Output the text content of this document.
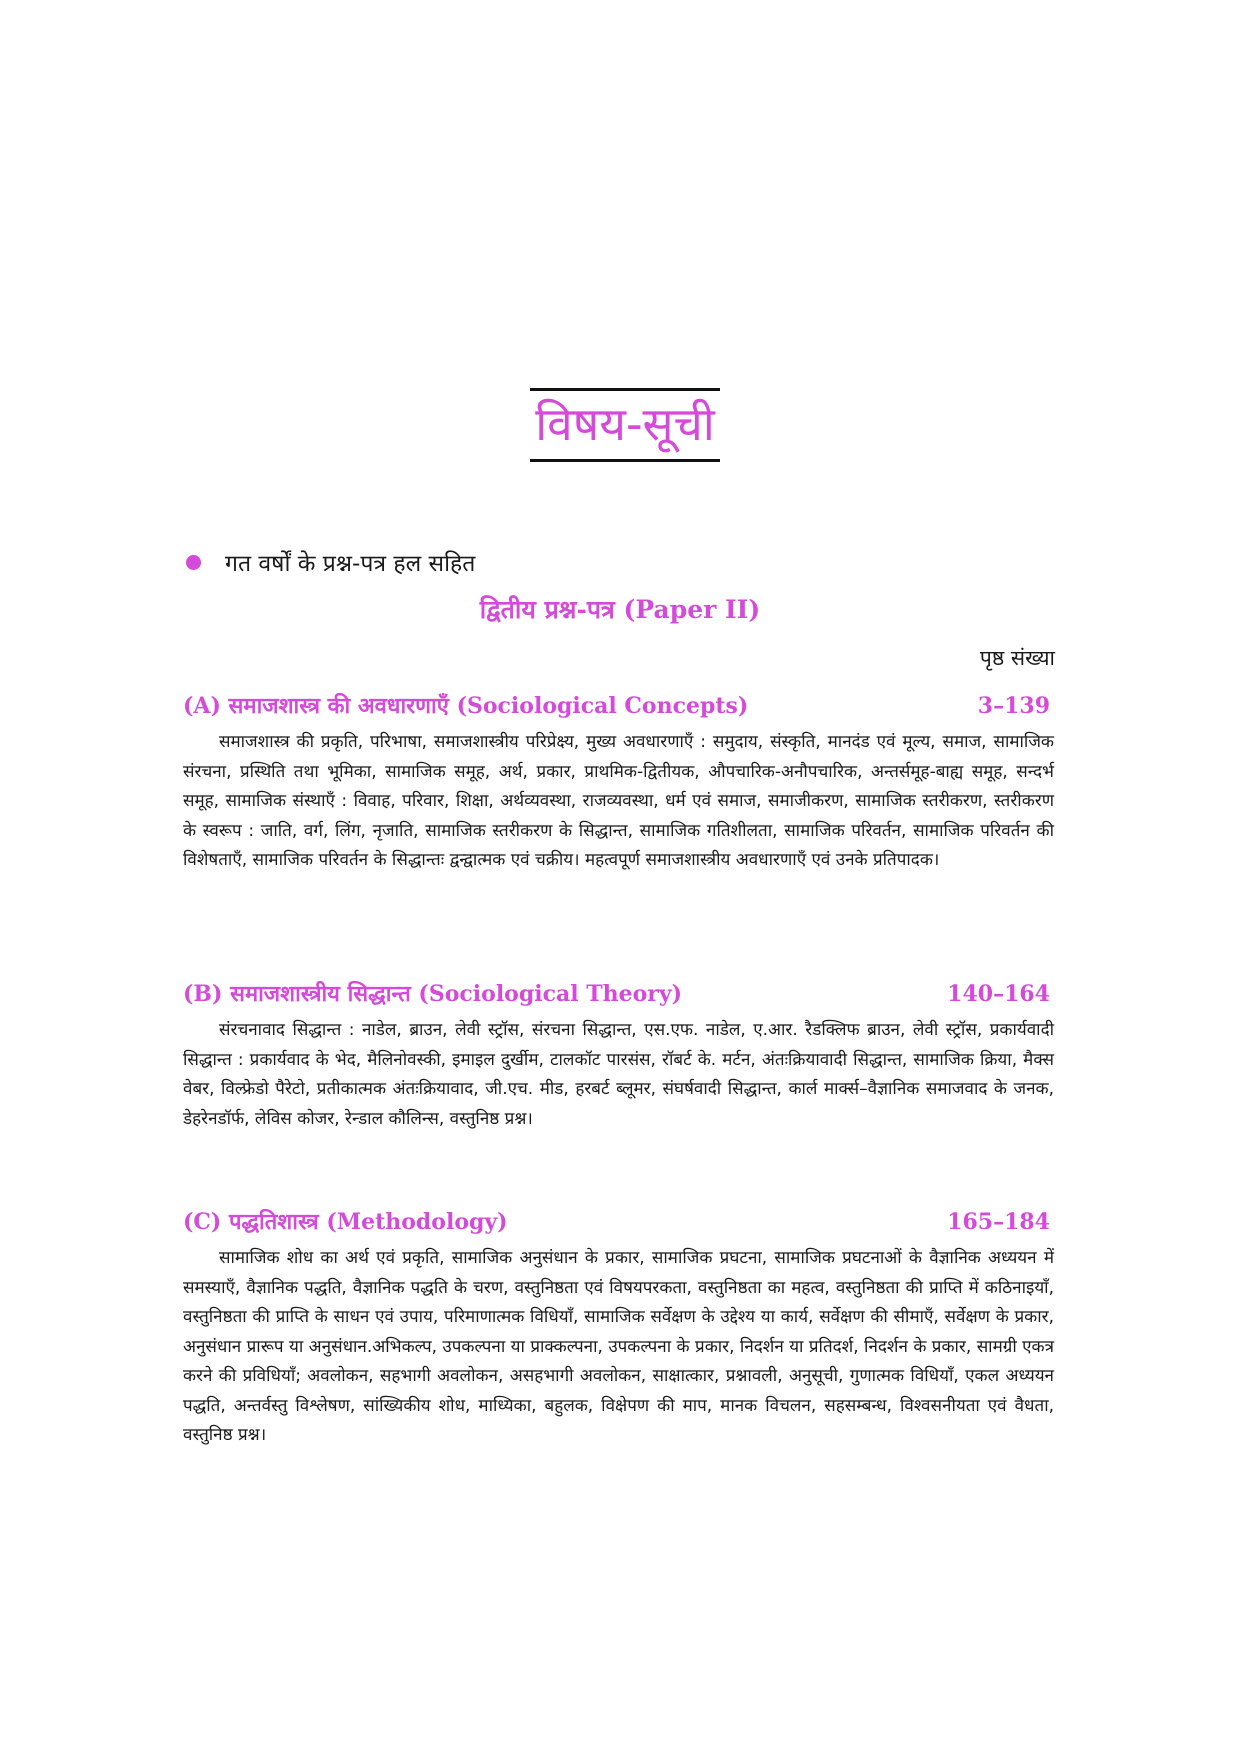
विषय-सूची
गत वर्षों के प्रश्न-पत्र हल सहित
द्वितीय प्रश्न-पत्र (Paper II)
पृष्ठ संख्या
(A) समाजशास्त्र की अवधारणाएँ (Sociological Concepts)	3–139
समाजशास्त्र की प्रकृति, परिभाषा, समाजशास्त्रीय परिप्रेक्ष्य, मुख्य अवधारणाएँ : समुदाय, संस्कृति, मानदंड एवं मूल्य, समाज, सामाजिक संरचना, प्रस्थिति तथा भूमिका, सामाजिक समूह, अर्थ, प्रकार, प्राथमिक-द्वितीयक, औपचारिक-अनौपचारिक, अन्तर्समूह-बाह्य समूह, सन्दर्भ समूह, सामाजिक संस्थाएँ : विवाह, परिवार, शिक्षा, अर्थव्यवस्था, राजव्यवस्था, धर्म एवं समाज, समाजीकरण, सामाजिक स्तरीकरण, स्तरीकरण के स्वरूप : जाति, वर्ग, लिंग, नृजाति, सामाजिक स्तरीकरण के सिद्धान्त, सामाजिक गतिशीलता, सामाजिक परिवर्तन, सामाजिक परिवर्तन की विशेषताएँ, सामाजिक परिवर्तन के सिद्धान्तः द्वन्द्वात्मक एवं चक्रीय। महत्वपूर्ण समाजशास्त्रीय अवधारणाएँ एवं उनके प्रतिपादक।
(B) समाजशास्त्रीय सिद्धान्त (Sociological Theory)	140–164
संरचनावाद सिद्धान्त : नाडेल, ब्राउन, लेवी स्ट्रॉस, संरचना सिद्धान्त, एस.एफ. नाडेल, ए.आर. रैडक्लिफ ब्राउन, लेवी स्ट्रॉस, प्रकार्यवादी सिद्धान्त : प्रकार्यवाद के भेद, मैलिनोवस्की, इमाइल दुर्खीम, टालकॉट पारसंस, रॉबर्ट के. मर्टन, अंतःक्रियावादी सिद्धान्त, सामाजिक क्रिया, मैक्स वेबर, विल्फ्रेडो पैरेटो, प्रतीकात्मक अंतःक्रियावाद, जी.एच. मीड, हरबर्ट ब्लूमर, संघर्षवादी सिद्धान्त, कार्ल मार्क्स–वैज्ञानिक समाजवाद के जनक, डेहरेनडॉर्फ, लेविस कोजर, रेन्डाल कौलिन्स, वस्तुनिष्ठ प्रश्न।
(C) पद्धतिशास्त्र (Methodology)	165–184
सामाजिक शोध का अर्थ एवं प्रकृति, सामाजिक अनुसंधान के प्रकार, सामाजिक प्रघटना, सामाजिक प्रघटनाओं के वैज्ञानिक अध्ययन में समस्याएँ, वैज्ञानिक पद्धति, वैज्ञानिक पद्धति के चरण, वस्तुनिष्ठता एवं विषयपरकता, वस्तुनिष्ठता का महत्व, वस्तुनिष्ठता की प्राप्ति में कठिनाइयाँ, वस्तुनिष्ठता की प्राप्ति के साधन एवं उपाय, परिमाणात्मक विधियाँ, सामाजिक सर्वेक्षण के उद्देश्य या कार्य, सर्वेक्षण की सीमाएँ, सर्वेक्षण के प्रकार, अनुसंधान प्रारूप या अनुसंधान.अभिकल्प, उपकल्पना या प्राक्कल्पना, उपकल्पना के प्रकार, निदर्शन या प्रतिदर्श, निदर्शन के प्रकार, सामग्री एकत्र करने की प्रविधियाँ; अवलोकन, सहभागी अवलोकन, असहभागी अवलोकन, साक्षात्कार, प्रश्नावली, अनुसूची, गुणात्मक विधियाँ, एकल अध्ययन पद्धति, अन्तर्वस्तु विश्लेषण, सांख्यिकीय शोध, माध्यिका, बहुलक, विक्षेपण की माप, मानक विचलन, सहसम्बन्ध, विश्वसनीयता एवं वैधता, वस्तुनिष्ठ प्रश्न।
